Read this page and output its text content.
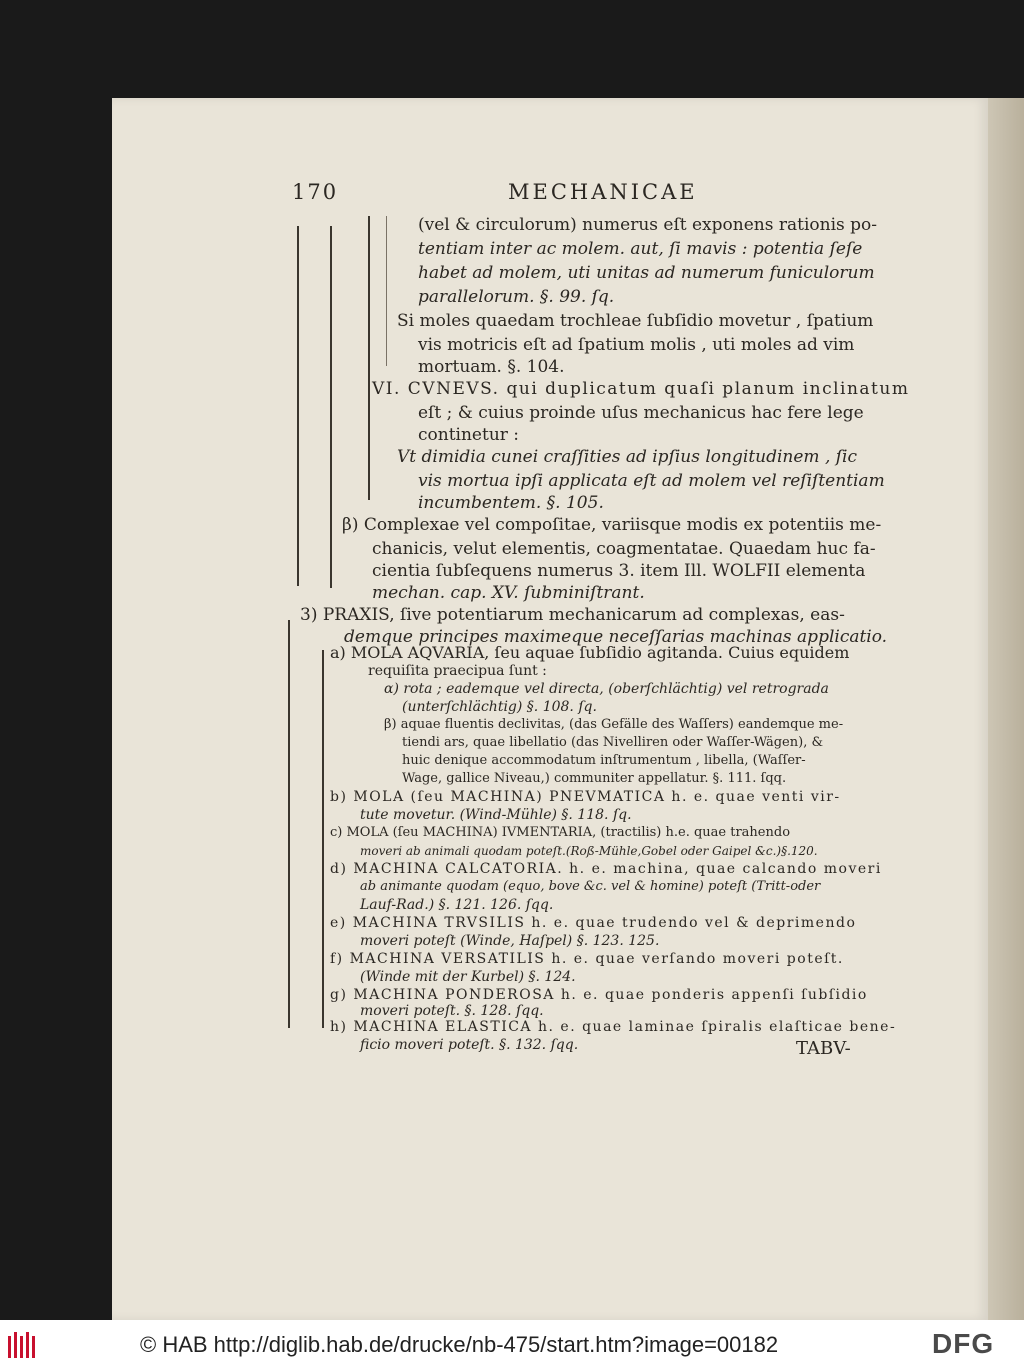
170	MECHANICAE
(vel & circulorum) numerus eſt exponens rationis po-
tentiam inter ac molem. aut, ſi mavis : potentia ſeſe
habet ad molem, uti unitas ad numerum funiculorum
parallelorum. §. 99. ſq.
Si moles quaedam trochleae ſubſidio movetur , ſpatium
vis motricis eſt ad ſpatium molis , uti moles ad vim
mortuam. §. 104.
VI. CVNEVS. qui duplicatum quaſi planum inclinatum
eſt ; & cuius proinde uſus mechanicus hac fere lege
continetur :
Vt dimidia cunei craſſities ad ipſius longitudinem , ſic
vis mortua ipſi applicata eſt ad molem vel reſiſtentiam
incumbentem. §. 105.
β) Complexae vel compoſitae, variisque modis ex potentiis me-
chanicis, velut elementis, coagmentatae. Quaedam huc fa-
cientia ſubſequens numerus 3. item Ill. WOLFII elementa
mechan. cap. XV. ſubminiſtrant.
3) PRAXIS, ſive potentiarum mechanicarum ad complexas, eas-
demque principes maximeque neceſſarias machinas applicatio.
a) MOLA AQVARIA, ſeu aquae ſubſidio agitanda. Cuius equidem
requiſita praecipua ſunt :
α) rota ; eademque vel directa, (oberſchlächtig) vel retrograda
(unterſchlächtig) §. 108. ſq.
β) aquae fluentis declivitas, (das Gefälle des Waſſers) eandemque me-
tiendi ars, quae libellatio (das Nivelliren oder Waſſer-Wägen), &
huic denique accommodatum inſtrumentum , libella, (Waſſer-
Wage, gallice Niveau,) communiter appellatur. §. 111. ſqq.
b) MOLA (ſeu MACHINA) PNEVMATICA h. e. quae venti vir-
tute movetur. (Wind-Mühle) §. 118. ſq.
c) MOLA (ſeu MACHINA) IVMENTARIA, (tractilis) h.e. quae trahendo
moveri ab animali quodam poteſt.(Roß-Mühle,Gobel oder Gaipel &c.)§.120.
d) MACHINA CALCATORIA. h. e. machina, quae calcando moveri
ab animante quodam (equo, bove &c. vel & homine) poteſt (Tritt-oder
Lauf-Rad.) §. 121. 126. ſqq.
e) MACHINA TRVSILIS h. e. quae trudendo vel & deprimendo
moveri poteſt (Winde, Haſpel) §. 123. 125.
f) MACHINA VERSATILIS h. e. quae verſando moveri poteſt.
(Winde mit der Kurbel) §. 124.
g) MACHINA PONDEROSA h. e. quae ponderis appenſi ſubſidio
moveri poteſt. §. 128. ſqq.
h) MACHINA ELASTICA h. e. quae laminae ſpiralis elaſticae bene-
ficio moveri poteſt. §. 132. ſqq.	TABV-
© HAB http://diglib.hab.de/drucke/nb-475/start.htm?image=00182	DFG
